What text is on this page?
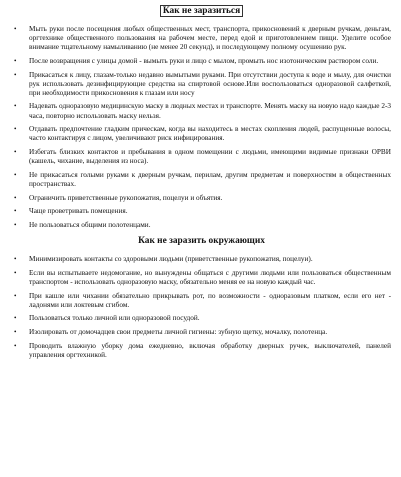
Как не заразиться
• Мыть руки после посещения любых общественных мест, транспорта, прикосновений к дверным ручкам, деньгам, оргтехнике общественного пользования на рабочем месте, перед едой и приготовлением пищи. Уделите особое внимание тщательному намыливанию (не менее 20 секунд), и последующему полному осушению рук.
• После возвращения с улицы домой - вымыть руки и лицо с мылом, промыть нос изотоническим раствором соли.
• Прикасаться к лицу, глазам-только недавно вымытыми руками. При отсутствии доступа к воде и мылу, для очистки рук использовать дезинфицирующие средства на спиртовой основе.Или воспользоваться одноразовой салфеткой, при необходимости прикосновения к глазам или носу
• Надевать одноразовую медицинскую маску в людных местах и транспорте. Менять маску на новую надо каждые 2-3 часа, повторно использовать маску нельзя.
• Отдавать предпочтение гладким прическам, когда вы находитесь в местах скопления людей, распущенные волосы, часто контактируя с лицом, увеличивают риск инфицирования.
• Избегать близких контактов и пребывания в одном помещении с людьми, имеющими видимые признаки ОРВИ (кашель, чихание, выделения из носа).
• Не прикасаться голыми руками к дверным ручкам, перилам, другим предметам и поверхностям в общественных пространствах.
• Ограничить приветственные рукопожатия, поцелуи и объятия.
• Чаще проветривать помещения.
• Не пользоваться общими полотенцами.
Как не заразить окружающих
• Минимизировать контакты со здоровыми людьми (приветственные рукопожатия, поцелуи).
• Если вы испытываете недомогание, но вынуждены общаться с другими людьми или пользоваться общественным транспортом - использовать одноразовую маску, обязательно меняя ее на новую каждый час.
• При кашле или чихании обязательно прикрывать рот, по возможности - одноразовым платком, если его нет - ладонями или локтевым сгибом.
• Пользоваться только личной или одноразовой посудой.
• Изолировать от домочадцев свои предметы личной гигиены: зубную щетку, мочалку, полотенца.
• Проводить влажную уборку дома ежедневно, включая обработку дверных ручек, выключателей, панелей управления оргтехникой.
